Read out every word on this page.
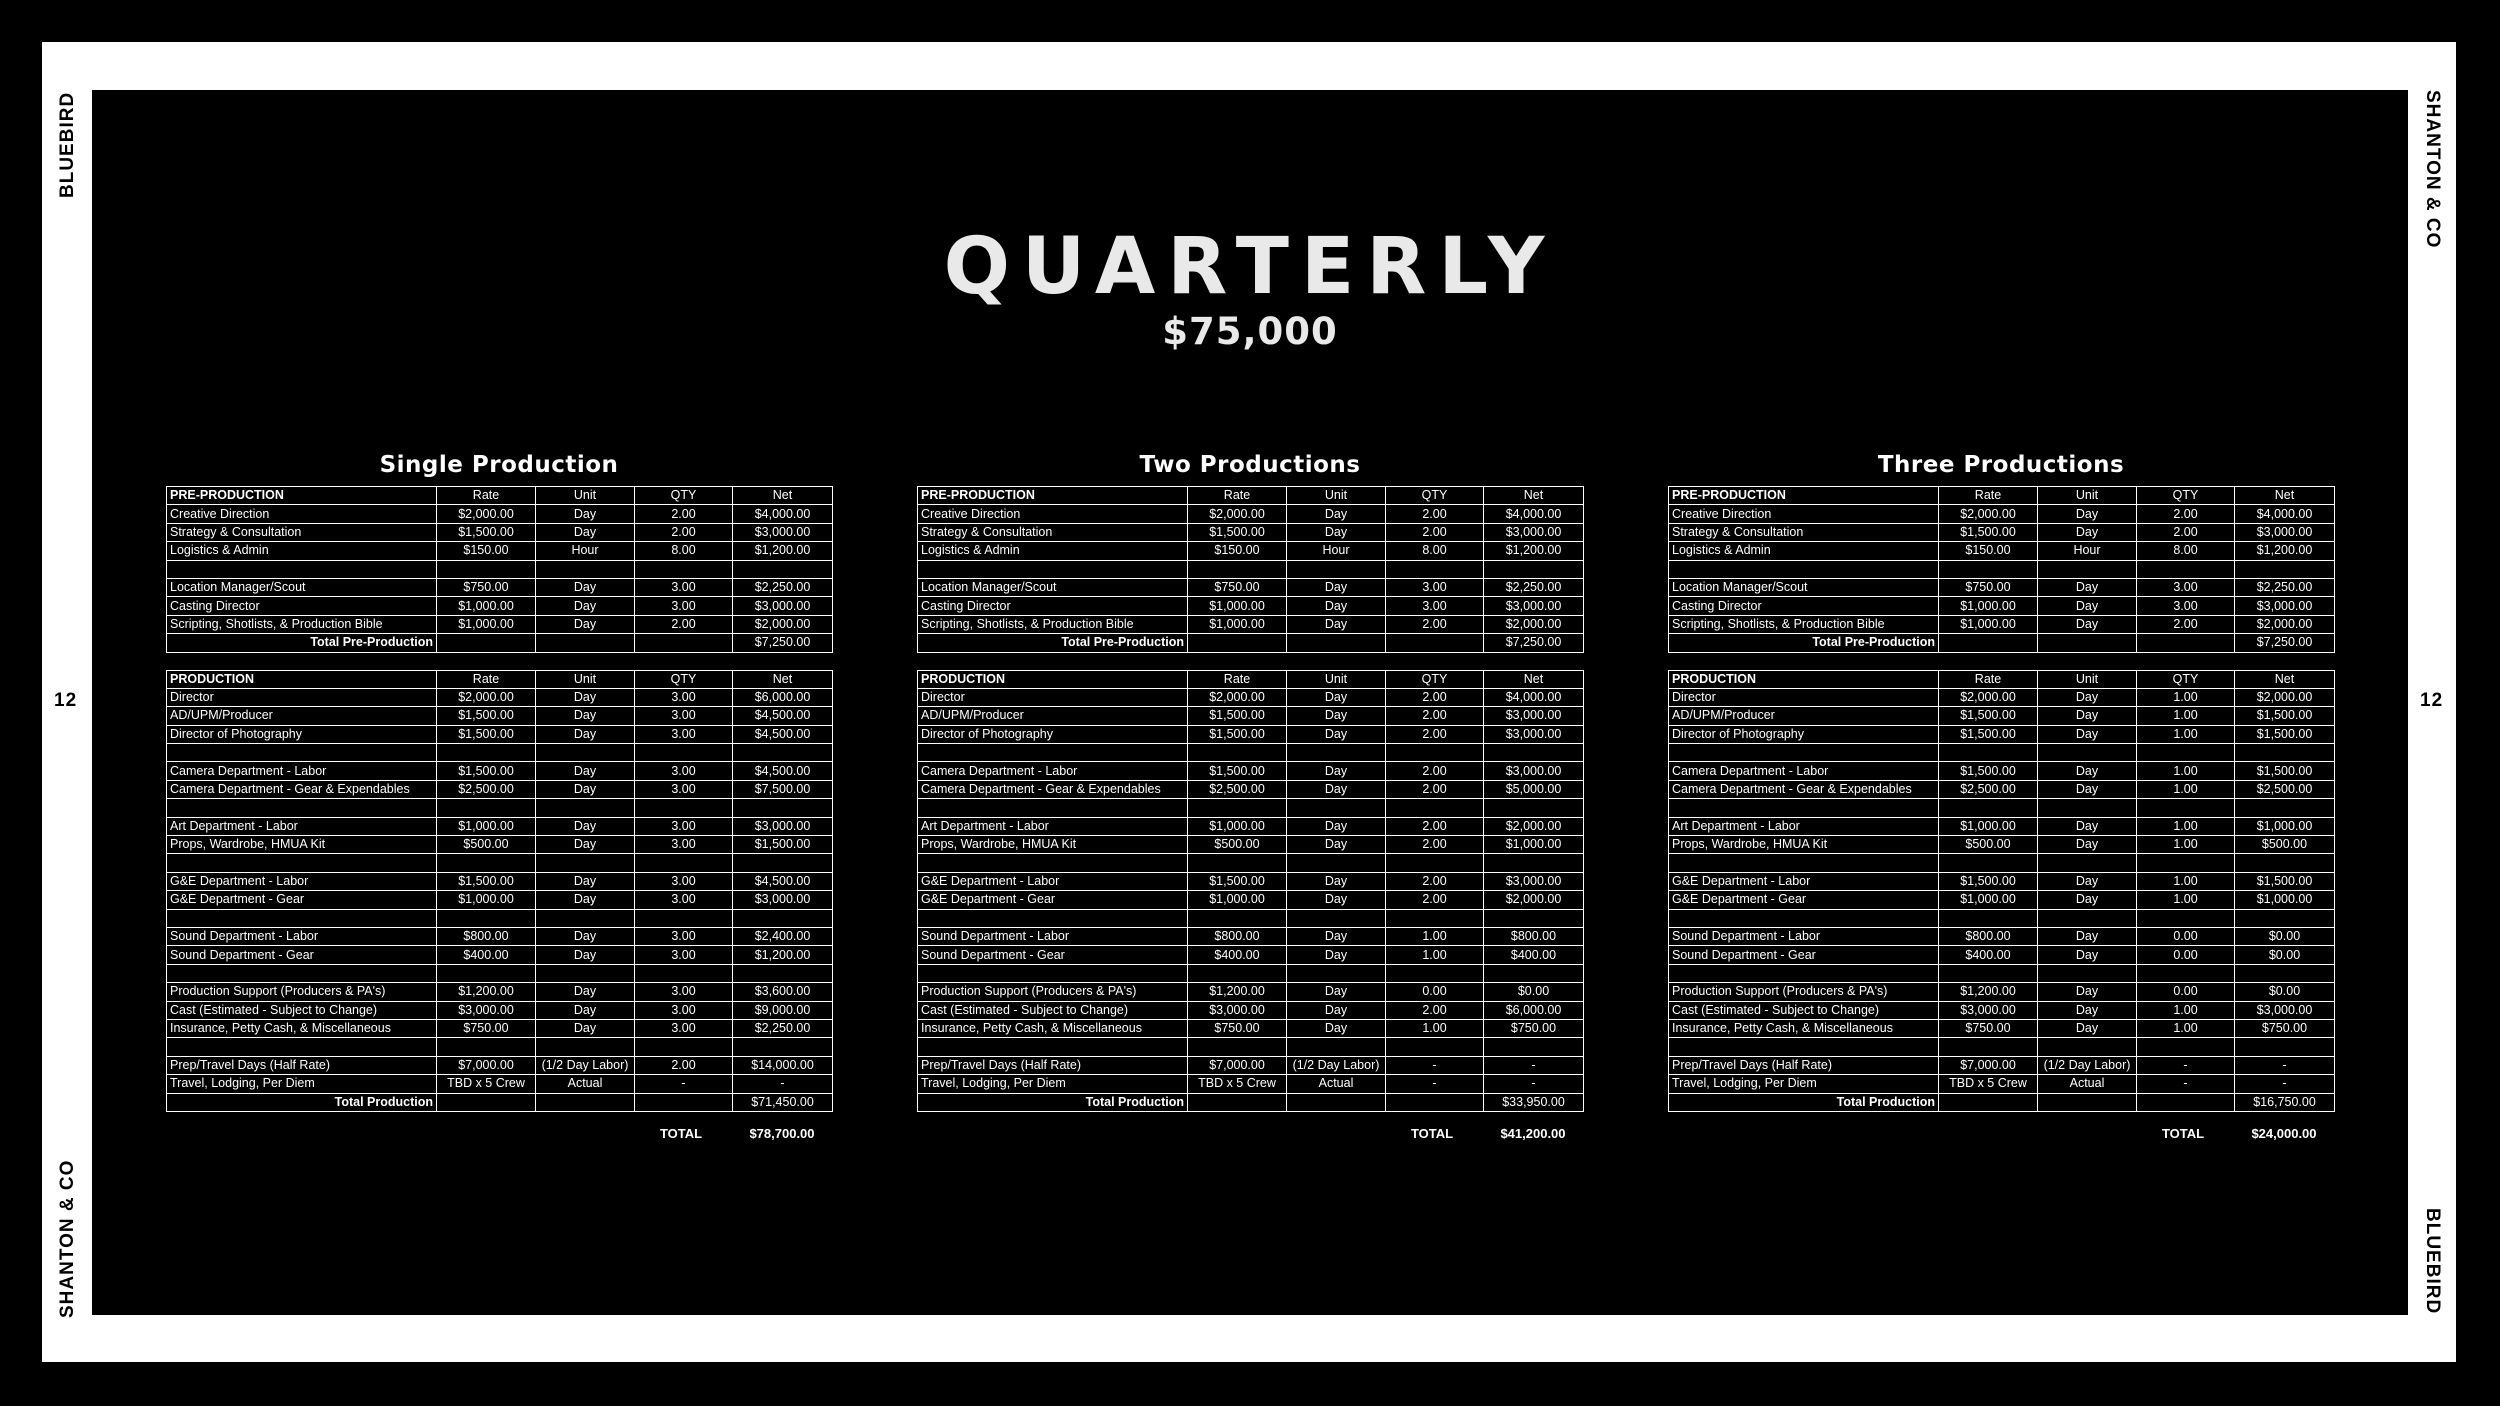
BLUEBIRD
SHANTON & CO
12
SHANTON & CO
BLUEBIRD
12
QUARTERLY
$75,000
Single Production
PRE-PRODUCTION	Rate	Unit	QTY	Net
Creative Direction	$2,000.00	Day	2.00	$4,000.00
Strategy & Consultation	$1,500.00	Day	2.00	$3,000.00
Logistics & Admin	$150.00	Hour	8.00	$1,200.00

Location Manager/Scout	$750.00	Day	3.00	$2,250.00
Casting Director	$1,000.00	Day	3.00	$3,000.00
Scripting, Shotlists, & Production Bible	$1,000.00	Day	2.00	$2,000.00
Total Pre-Production				$7,250.00
PRODUCTION	Rate	Unit	QTY	Net
Director	$2,000.00	Day	3.00	$6,000.00
AD/UPM/Producer	$1,500.00	Day	3.00	$4,500.00
Director of Photography	$1,500.00	Day	3.00	$4,500.00

Camera Department - Labor	$1,500.00	Day	3.00	$4,500.00
Camera Department - Gear & Expendables	$2,500.00	Day	3.00	$7,500.00

Art Department - Labor	$1,000.00	Day	3.00	$3,000.00
Props, Wardrobe, HMUA Kit	$500.00	Day	3.00	$1,500.00

G&E Department - Labor	$1,500.00	Day	3.00	$4,500.00
G&E Department - Gear	$1,000.00	Day	3.00	$3,000.00

Sound Department - Labor	$800.00	Day	3.00	$2,400.00
Sound Department - Gear	$400.00	Day	3.00	$1,200.00

Production Support (Producers & PA's)	$1,200.00	Day	3.00	$3,600.00
Cast (Estimated - Subject to Change)	$3,000.00	Day	3.00	$9,000.00
Insurance, Petty Cash, & Miscellaneous	$750.00	Day	3.00	$2,250.00

Prep/Travel Days (Half Rate)	$7,000.00	(1/2 Day Labor)	2.00	$14,000.00
Travel, Lodging, Per Diem	TBD x 5 Crew	Actual	-	-
Total Production				$71,450.00
TOTAL	$78,700.00
Two Productions
PRE-PRODUCTION	Rate	Unit	QTY	Net
Creative Direction	$2,000.00	Day	2.00	$4,000.00
Strategy & Consultation	$1,500.00	Day	2.00	$3,000.00
Logistics & Admin	$150.00	Hour	8.00	$1,200.00

Location Manager/Scout	$750.00	Day	3.00	$2,250.00
Casting Director	$1,000.00	Day	3.00	$3,000.00
Scripting, Shotlists, & Production Bible	$1,000.00	Day	2.00	$2,000.00
Total Pre-Production				$7,250.00
PRODUCTION	Rate	Unit	QTY	Net
Director	$2,000.00	Day	2.00	$4,000.00
AD/UPM/Producer	$1,500.00	Day	2.00	$3,000.00
Director of Photography	$1,500.00	Day	2.00	$3,000.00

Camera Department - Labor	$1,500.00	Day	2.00	$3,000.00
Camera Department - Gear & Expendables	$2,500.00	Day	2.00	$5,000.00

Art Department - Labor	$1,000.00	Day	2.00	$2,000.00
Props, Wardrobe, HMUA Kit	$500.00	Day	2.00	$1,000.00

G&E Department - Labor	$1,500.00	Day	2.00	$3,000.00
G&E Department - Gear	$1,000.00	Day	2.00	$2,000.00

Sound Department - Labor	$800.00	Day	1.00	$800.00
Sound Department - Gear	$400.00	Day	1.00	$400.00

Production Support (Producers & PA's)	$1,200.00	Day	0.00	$0.00
Cast (Estimated - Subject to Change)	$3,000.00	Day	2.00	$6,000.00
Insurance, Petty Cash, & Miscellaneous	$750.00	Day	1.00	$750.00

Prep/Travel Days (Half Rate)	$7,000.00	(1/2 Day Labor)	-	-
Travel, Lodging, Per Diem	TBD x 5 Crew	Actual	-	-
Total Production				$33,950.00
TOTAL	$41,200.00
Three Productions
PRE-PRODUCTION	Rate	Unit	QTY	Net
Creative Direction	$2,000.00	Day	2.00	$4,000.00
Strategy & Consultation	$1,500.00	Day	2.00	$3,000.00
Logistics & Admin	$150.00	Hour	8.00	$1,200.00

Location Manager/Scout	$750.00	Day	3.00	$2,250.00
Casting Director	$1,000.00	Day	3.00	$3,000.00
Scripting, Shotlists, & Production Bible	$1,000.00	Day	2.00	$2,000.00
Total Pre-Production				$7,250.00
PRODUCTION	Rate	Unit	QTY	Net
Director	$2,000.00	Day	1.00	$2,000.00
AD/UPM/Producer	$1,500.00	Day	1.00	$1,500.00
Director of Photography	$1,500.00	Day	1.00	$1,500.00

Camera Department - Labor	$1,500.00	Day	1.00	$1,500.00
Camera Department - Gear & Expendables	$2,500.00	Day	1.00	$2,500.00

Art Department - Labor	$1,000.00	Day	1.00	$1,000.00
Props, Wardrobe, HMUA Kit	$500.00	Day	1.00	$500.00

G&E Department - Labor	$1,500.00	Day	1.00	$1,500.00
G&E Department - Gear	$1,000.00	Day	1.00	$1,000.00

Sound Department - Labor	$800.00	Day	0.00	$0.00
Sound Department - Gear	$400.00	Day	0.00	$0.00

Production Support (Producers & PA's)	$1,200.00	Day	0.00	$0.00
Cast (Estimated - Subject to Change)	$3,000.00	Day	1.00	$3,000.00
Insurance, Petty Cash, & Miscellaneous	$750.00	Day	1.00	$750.00

Prep/Travel Days (Half Rate)	$7,000.00	(1/2 Day Labor)	-	-
Travel, Lodging, Per Diem	TBD x 5 Crew	Actual	-	-
Total Production				$16,750.00
TOTAL	$24,000.00
